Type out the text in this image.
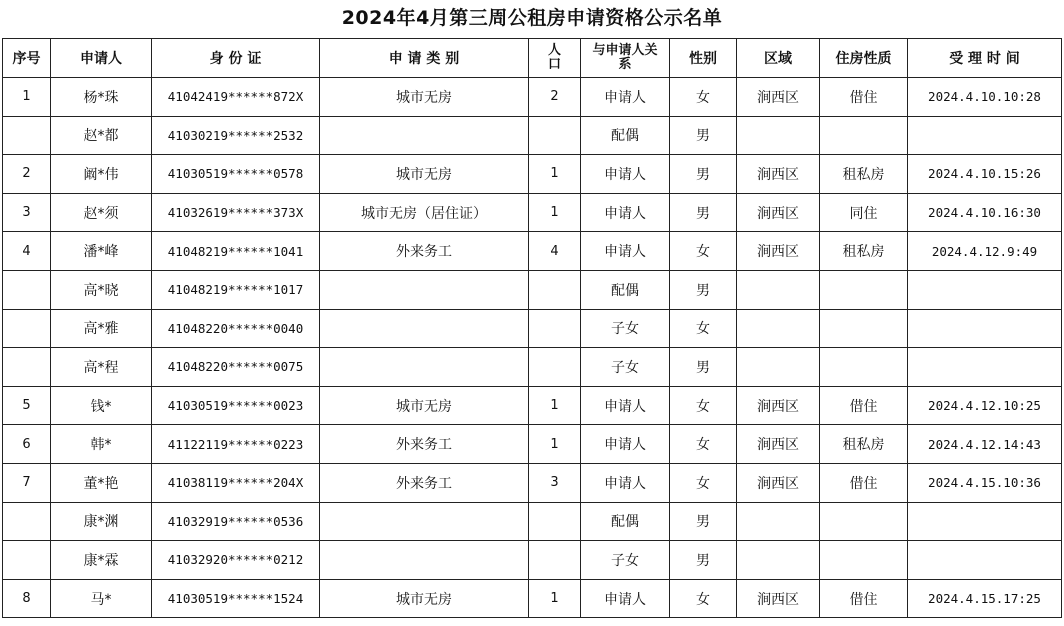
2024年4月第三周公租房申请资格公示名单
序号	申请人	身 份 证	申 请 类 别	人口	与申请人关系	性别	区域	住房性质	受 理 时 间
1	杨*珠	41042419******872X	城市无房	2	申请人	女	涧西区	借住	2024.4.10.10:28
	赵*都	41030219******2532			配偶	男			
2	阚*伟	41030519******0578	城市无房	1	申请人	男	涧西区	租私房	2024.4.10.15:26
3	赵*须	41032619******373X	城市无房（居住证）	1	申请人	男	涧西区	同住	2024.4.10.16:30
4	潘*峰	41048219******1041	外来务工	4	申请人	女	涧西区	租私房	2024.4.12.9:49
	高*晓	41048219******1017			配偶	男			
	高*雅	41048220******0040			子女	女			
	高*程	41048220******0075			子女	男			
5	钱*	41030519******0023	城市无房	1	申请人	女	涧西区	借住	2024.4.12.10:25
6	韩*	41122119******0223	外来务工	1	申请人	女	涧西区	租私房	2024.4.12.14:43
7	董*艳	41038119******204X	外来务工	3	申请人	女	涧西区	借住	2024.4.15.10:36
	康*渊	41032919******0536			配偶	男			
	康*霖	41032920******0212			子女	男			
8	马*	41030519******1524	城市无房	1	申请人	女	涧西区	借住	2024.4.15.17:25
